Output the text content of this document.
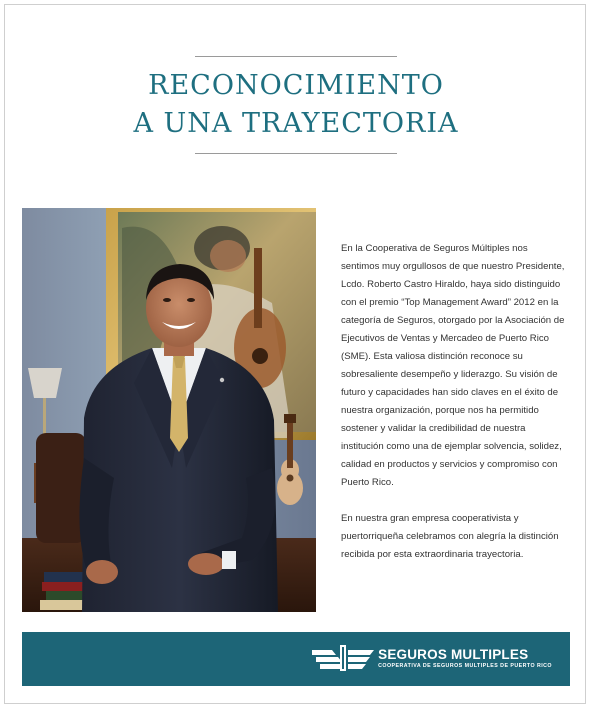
RECONOCIMIENTO
A UNA TRAYECTORIA

En la Cooperativa de Seguros Múltiples nos sentimos muy orgullosos de que nuestro Presidente, Lcdo. Roberto Castro Hiraldo, haya sido distinguido con el premio “Top Management Award” 2012 en la categoría de Seguros, otorgado por la Asociación de Ejecutivos de Ventas y Mercadeo de Puerto Rico (SME). Esta valiosa distinción reconoce su sobresaliente desempeño y liderazgo. Su visión de futuro y capacidades han sido claves en el éxito de nuestra organización, porque nos ha permitido sostener y validar la credibilidad de nuestra institución como una de ejemplar solvencia, solidez, calidad en productos y servicios y compromiso con Puerto Rico.

En nuestra gran empresa cooperativista y puertorriqueña celebramos con alegría la distinción recibida por esta extraordinaria trayectoria.

SEGUROS MULTIPLES
COOPERATIVA DE SEGUROS MULTIPLES DE PUERTO RICO
